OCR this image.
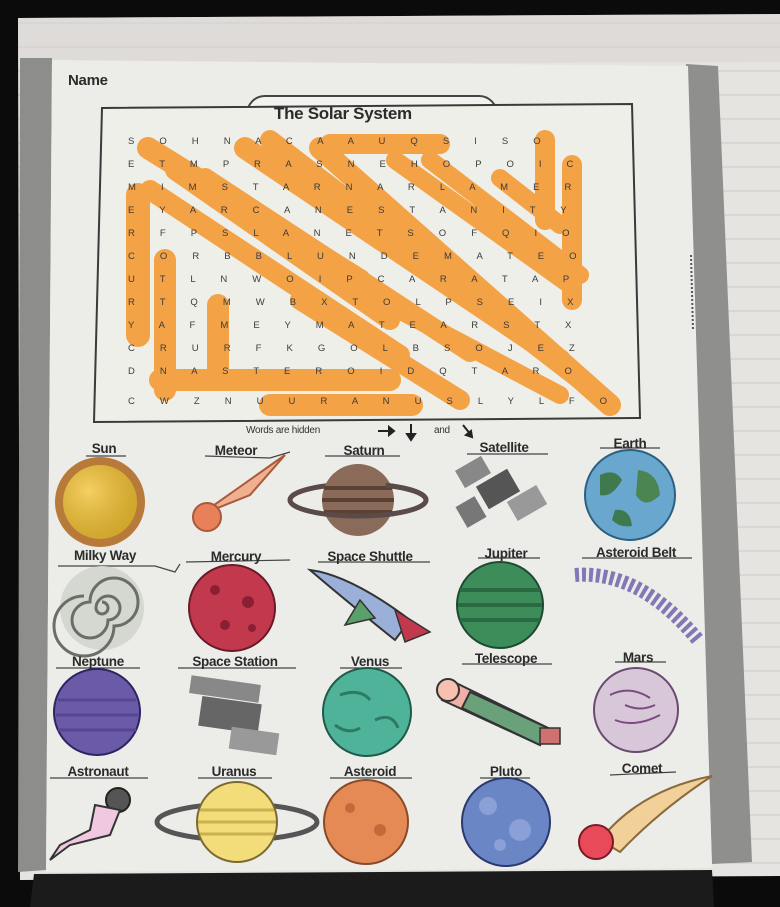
Name
The Solar System
S O H N A C A A U Q S I S O
E T M P R A S N E H O P O I C
M I M S T A R N A R L A M E R
E Y A R C A N E S T A N I T Y
R F P S L A N E T S O F Q I O
C O R B B L U N D E M A T E O
U T L N W O I P C A R A T A P
R T Q M W B X T O L P S E I X
Y A F M E Y M A T E A R S T X
C R U R F K G O L B S O J E Z
D N A S T E R O I D Q T A R O
C W Z N U U R A N U S L Y L F O
Words are hidden	and
Sun	Meteor	Saturn	Satellite	Earth
Milky Way	Mercury	Space Shuttle	Jupiter	Asteroid Belt
Neptune	Space Station	Venus	Telescope	Mars
Astronaut	Uranus	Asteroid	Pluto	Comet
